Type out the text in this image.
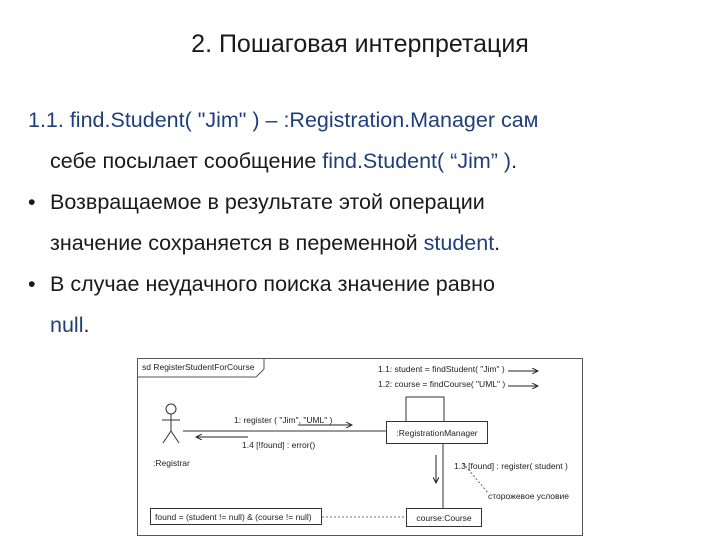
2. Пошаговая интерпретация
1.1. find.Student( "Jim" ) – :Registration.Manager сам
себе посылает сообщение find.Student( “Jim” ).
• Возвращаемое в результате этой операции
значение сохраняется в переменной student.
• В случае неудачного поиска значение равно
null.
sd RegisterStudentForCourse	1.1: student = findStudent( "Jim" )
1.2: course = findCourse( "UML" )
1: register ( "Jim", "UML" )
1.4 [!found] : error()
:Registrar
:RegistrationManager
1.3 [found] : register( student )
сторожевое условие
found = (student != null) & (course != null)	course:Course
